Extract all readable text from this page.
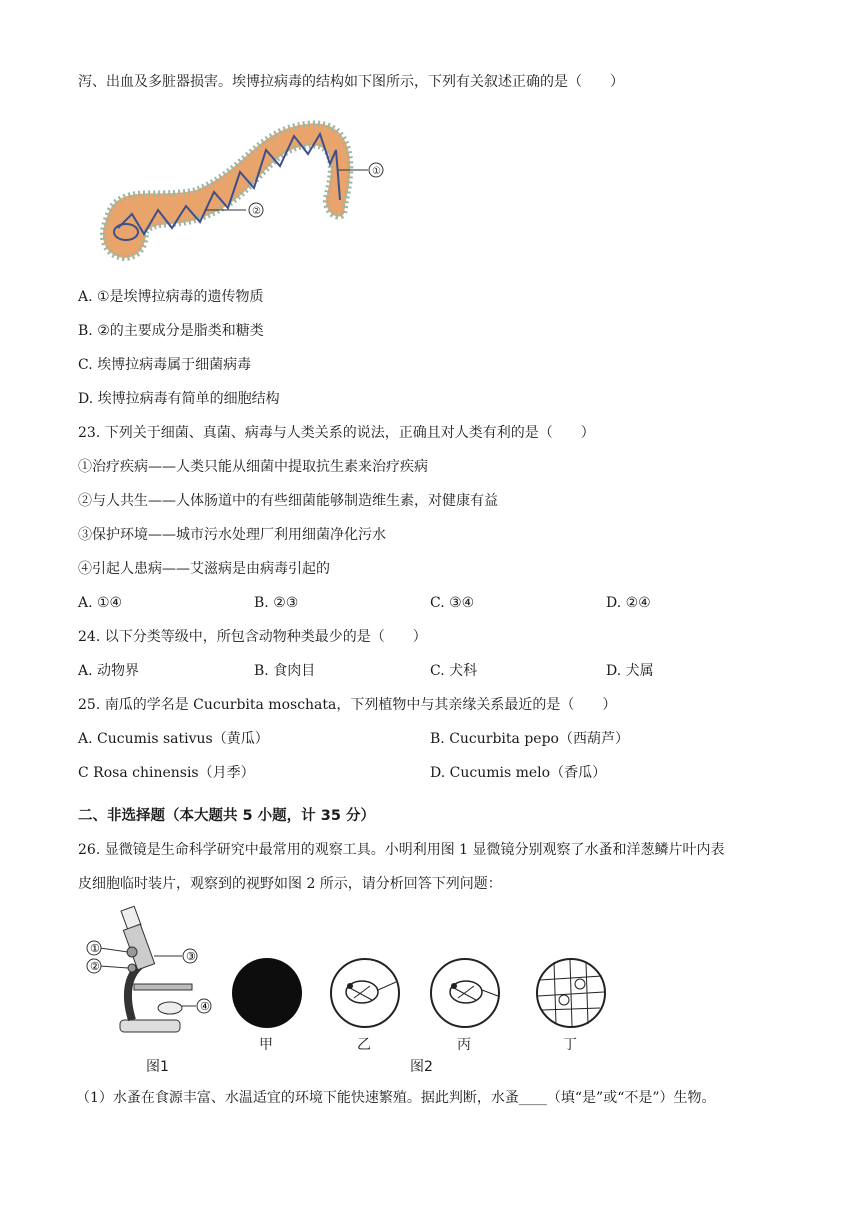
泻、出血及多脏器损害。埃博拉病毒的结构如下图所示，下列有关叙述正确的是（　　）
①
②
A. ①是埃博拉病毒的遗传物质
B. ②的主要成分是脂类和糖类
C. 埃博拉病毒属于细菌病毒
D. 埃博拉病毒有简单的细胞结构
23. 下列关于细菌、真菌、病毒与人类关系的说法，正确且对人类有利的是（　　）
①治疗疾病——人类只能从细菌中提取抗生素来治疗疾病
②与人共生——人体肠道中的有些细菌能够制造维生素，对健康有益
③保护环境——城市污水处理厂利用细菌净化污水
④引起人患病——艾滋病是由病毒引起的
A. ①④	B. ②③	C. ③④	D. ②④
24. 以下分类等级中，所包含动物种类最少的是（　　）
A. 动物界	B. 食肉目	C. 犬科	D. 犬属
25. 南瓜的学名是 Cucurbita moschata，下列植物中与其亲缘关系最近的是（　　）
A. Cucumis sativus（黄瓜）	B. Cucurbita pepo（西葫芦）
C Rosa chinensis（月季）	D. Cucumis melo（香瓜）
二、非选择题（本大题共 5 小题，计 35 分）
26. 显微镜是生命科学研究中最常用的观察工具。小明利用图 1 显微镜分别观察了水蚤和洋葱鳞片叶内表
皮细胞临时装片，观察到的视野如图 2 所示，请分析回答下列问题：
①
②
③
④
图1
甲	乙	丙	丁
图2
（1）水蚤在食源丰富、水温适宜的环境下能快速繁殖。据此判断，水蚤____（填“是”或“不是”）生物。
